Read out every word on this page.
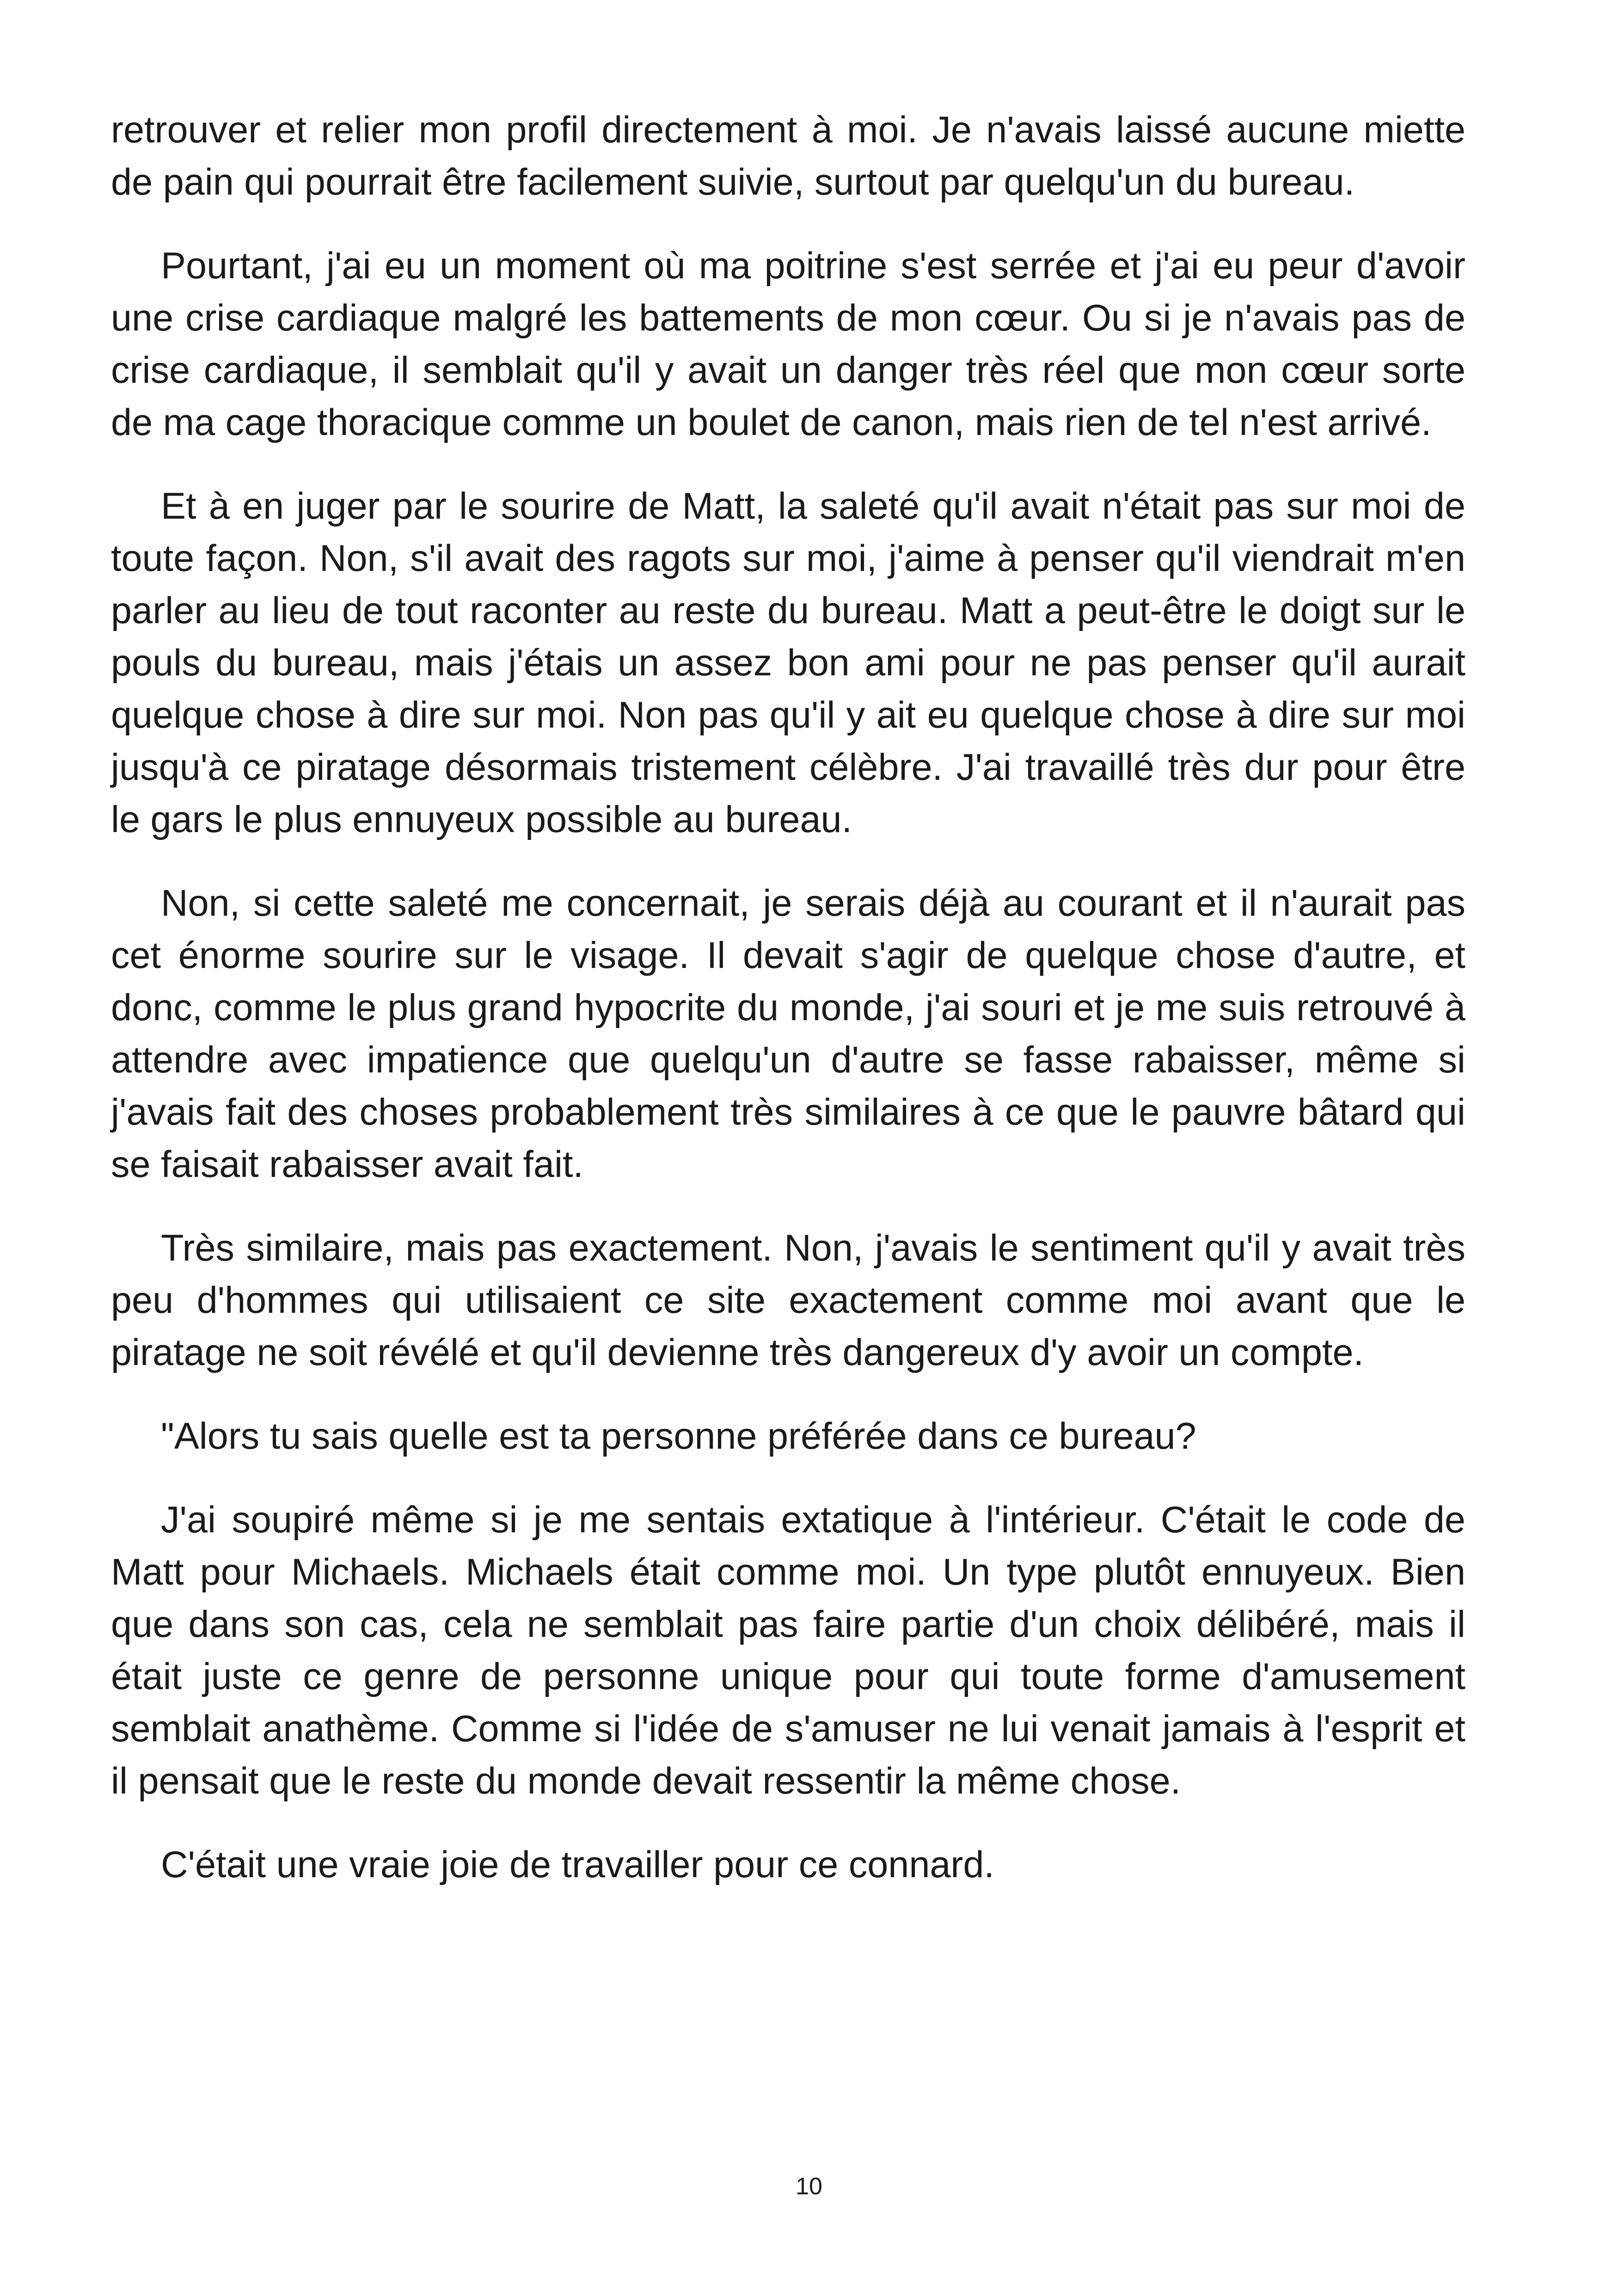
retrouver et relier mon profil directement à moi. Je n'avais laissé aucune miette de pain qui pourrait être facilement suivie, surtout par quelqu'un du bureau.

Pourtant, j'ai eu un moment où ma poitrine s'est serrée et j'ai eu peur d'avoir une crise cardiaque malgré les battements de mon cœur. Ou si je n'avais pas de crise cardiaque, il semblait qu'il y avait un danger très réel que mon cœur sorte de ma cage thoracique comme un boulet de canon, mais rien de tel n'est arrivé.

Et à en juger par le sourire de Matt, la saleté qu'il avait n'était pas sur moi de toute façon. Non, s'il avait des ragots sur moi, j'aime à penser qu'il viendrait m'en parler au lieu de tout raconter au reste du bureau. Matt a peut-être le doigt sur le pouls du bureau, mais j'étais un assez bon ami pour ne pas penser qu'il aurait quelque chose à dire sur moi. Non pas qu'il y ait eu quelque chose à dire sur moi jusqu'à ce piratage désormais tristement célèbre. J'ai travaillé très dur pour être le gars le plus ennuyeux possible au bureau.

Non, si cette saleté me concernait, je serais déjà au courant et il n'aurait pas cet énorme sourire sur le visage. Il devait s'agir de quelque chose d'autre, et donc, comme le plus grand hypocrite du monde, j'ai souri et je me suis retrouvé à attendre avec impatience que quelqu'un d'autre se fasse rabaisser, même si j'avais fait des choses probablement très similaires à ce que le pauvre bâtard qui se faisait rabaisser avait fait.

Très similaire, mais pas exactement. Non, j'avais le sentiment qu'il y avait très peu d'hommes qui utilisaient ce site exactement comme moi avant que le piratage ne soit révélé et qu'il devienne très dangereux d'y avoir un compte.

"Alors tu sais quelle est ta personne préférée dans ce bureau?

J'ai soupiré même si je me sentais extatique à l'intérieur. C'était le code de Matt pour Michaels. Michaels était comme moi. Un type plutôt ennuyeux. Bien que dans son cas, cela ne semblait pas faire partie d'un choix délibéré, mais il était juste ce genre de personne unique pour qui toute forme d'amusement semblait anathème. Comme si l'idée de s'amuser ne lui venait jamais à l'esprit et il pensait que le reste du monde devait ressentir la même chose.

C'était une vraie joie de travailler pour ce connard.

10
